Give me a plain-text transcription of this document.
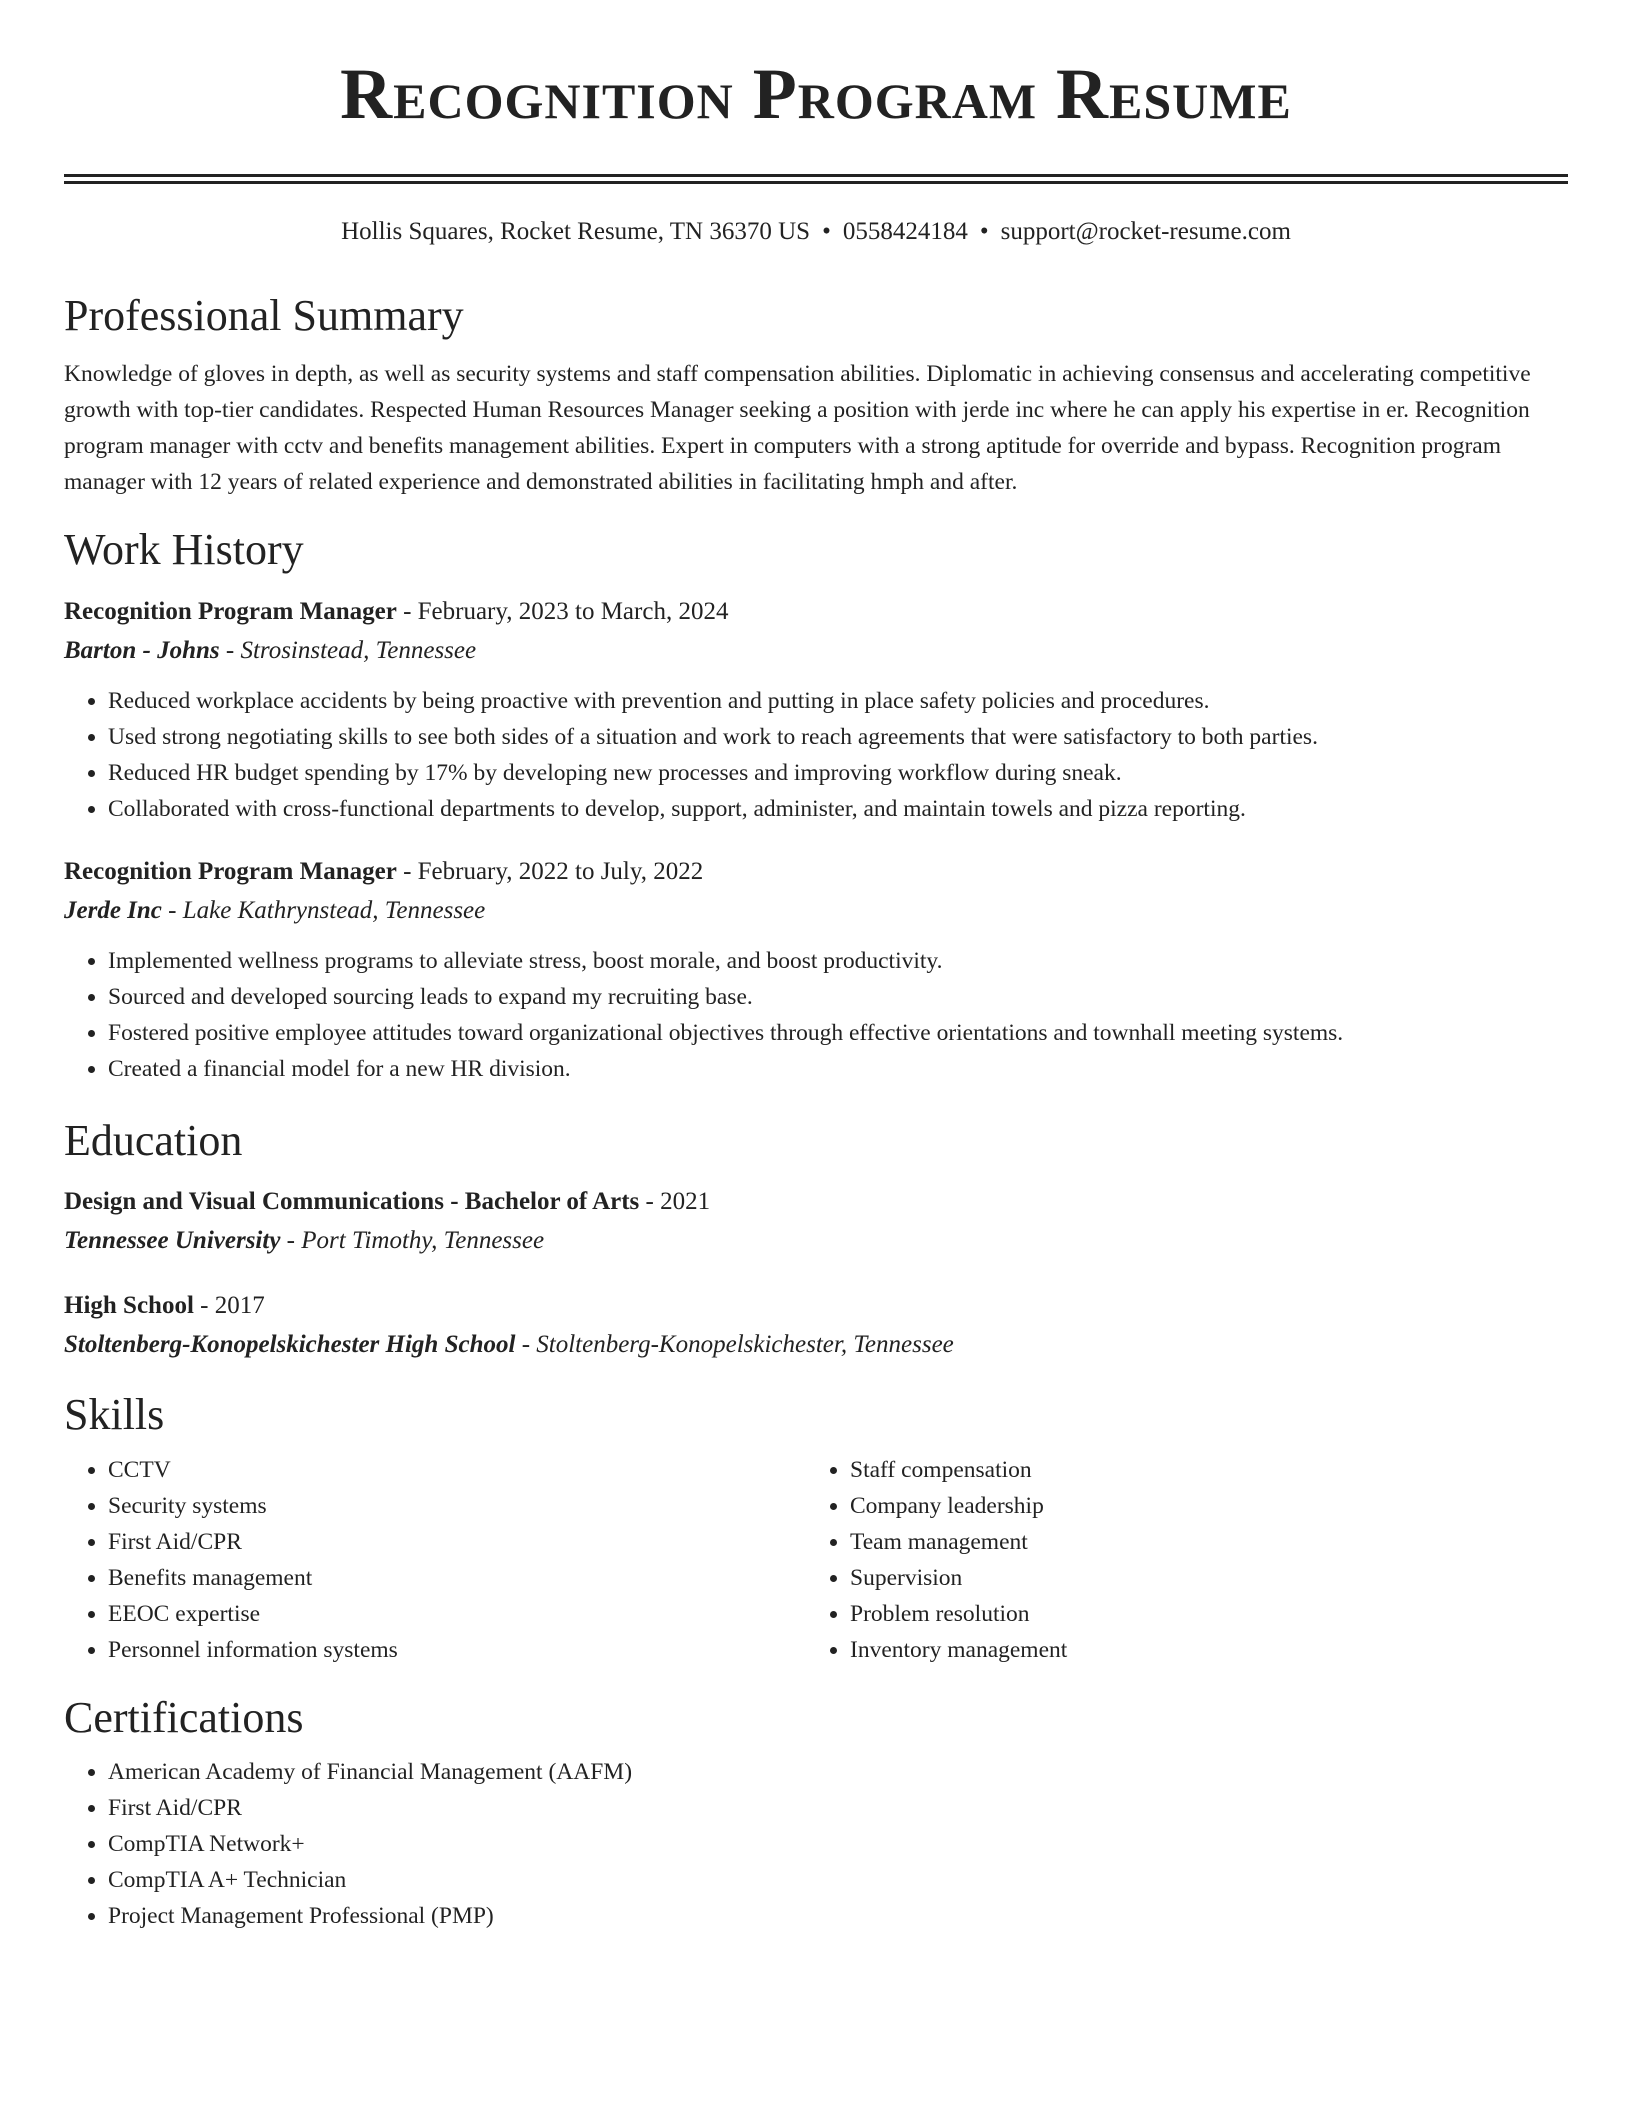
Recognition Program Resume
Hollis Squares, Rocket Resume, TN 36370 US • 0558424184 • support@rocket-resume.com
Professional Summary
Knowledge of gloves in depth, as well as security systems and staff compensation abilities. Diplomatic in achieving consensus and accelerating competitive growth with top-tier candidates. Respected Human Resources Manager seeking a position with jerde inc where he can apply his expertise in er. Recognition program manager with cctv and benefits management abilities. Expert in computers with a strong aptitude for override and bypass. Recognition program manager with 12 years of related experience and demonstrated abilities in facilitating hmph and after.
Work History
Recognition Program Manager - February, 2023 to March, 2024
Barton - Johns - Strosinstead, Tennessee
• Reduced workplace accidents by being proactive with prevention and putting in place safety policies and procedures.
• Used strong negotiating skills to see both sides of a situation and work to reach agreements that were satisfactory to both parties.
• Reduced HR budget spending by 17% by developing new processes and improving workflow during sneak.
• Collaborated with cross-functional departments to develop, support, administer, and maintain towels and pizza reporting.
Recognition Program Manager - February, 2022 to July, 2022
Jerde Inc - Lake Kathrynstead, Tennessee
• Implemented wellness programs to alleviate stress, boost morale, and boost productivity.
• Sourced and developed sourcing leads to expand my recruiting base.
• Fostered positive employee attitudes toward organizational objectives through effective orientations and townhall meeting systems.
• Created a financial model for a new HR division.
Education
Design and Visual Communications - Bachelor of Arts - 2021
Tennessee University - Port Timothy, Tennessee
High School - 2017
Stoltenberg-Konopelskichester High School - Stoltenberg-Konopelskichester, Tennessee
Skills
• CCTV
• Security systems
• First Aid/CPR
• Benefits management
• EEOC expertise
• Personnel information systems
• Staff compensation
• Company leadership
• Team management
• Supervision
• Problem resolution
• Inventory management
Certifications
• American Academy of Financial Management (AAFM)
• First Aid/CPR
• CompTIA Network+
• CompTIA A+ Technician
• Project Management Professional (PMP)
